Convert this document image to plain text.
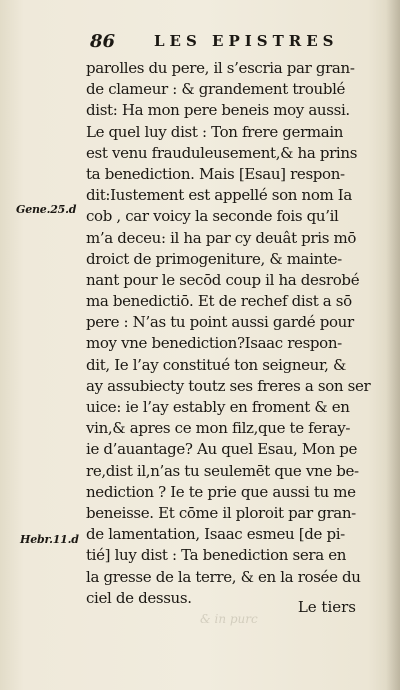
86	LES EPISTRES
parolles du pere, il s’escria par gran-
de clameur : & grandement troublé
dist: Ha mon pere beneis moy aussi.
Le quel luy dist : Ton frere germain
est venu frauduleusement,& ha prins
ta benediction. Mais [Esau] respon-
dit:Iustement est appellé son nom Ia
cob , car voicy la seconde fois qu’il
m’a deceu: il ha par cy deuât pris mō
droict de primogeniture, & mainte-
nant pour le secōd coup il ha desrobé
ma benedictiō. Et de rechef dist a sō
pere : N’as tu point aussi gardé pour
moy vne benediction?Isaac respon-
dit, Ie l’ay constitué ton seigneur, &
ay assubiecty toutz ses freres a son ser
uice: ie l’ay establу en froment & en
vin,& apres ce mon filz,que te feray-
ie d’auantage? Au quel Esau, Mon pe
re,dist il,n’as tu seulemēt que vne be-
nediction ? Ie te prie que aussi tu me
beneisse. Et cōme il ploroit par gran-
de lamentation, Isaac esmeu [de pi-
tié] luy dist : Ta benediction sera en
la gresse de la terre, & en la rosée du
ciel de dessus.
Gene.25.d
Hebr.11.d
& in purc
Le tiers
